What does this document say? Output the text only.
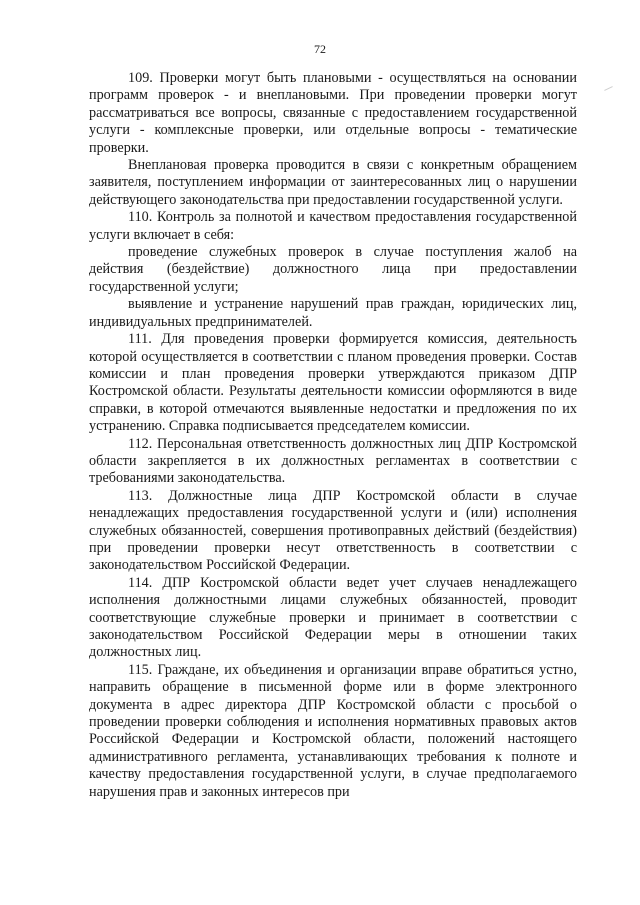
72

109. Проверки могут быть плановыми - осуществляться на основании программ проверок - и внеплановыми. При проведении проверки могут рассматриваться все вопросы, связанные с предоставлением государственной услуги - комплексные проверки, или отдельные вопросы - тематические проверки.

Внеплановая проверка проводится в связи с конкретным обращением заявителя, поступлением информации от заинтересованных лиц о нарушении действующего законодательства при предоставлении государственной услуги.

110. Контроль за полнотой и качеством предоставления государственной услуги включает в себя:

проведение служебных проверок в случае поступления жалоб на действия (бездействие) должностного лица при предоставлении государственной услуги;

выявление и устранение нарушений прав граждан, юридических лиц, индивидуальных предпринимателей.

111. Для проведения проверки формируется комиссия, деятельность которой осуществляется в соответствии с планом проведения проверки. Состав комиссии и план проведения проверки утверждаются приказом ДПР Костромской области. Результаты деятельности комиссии оформляются в виде справки, в которой отмечаются выявленные недостатки и предложения по их устранению. Справка подписывается председателем комиссии.

112. Персональная ответственность должностных лиц ДПР Костромской области закрепляется в их должностных регламентах в соответствии с требованиями законодательства.

113. Должностные лица ДПР Костромской области в случае ненадлежащих предоставления государственной услуги и (или) исполнения служебных обязанностей, совершения противоправных действий (бездействия) при проведении проверки несут ответственность в соответствии с законодательством Российской Федерации.

114. ДПР Костромской области ведет учет случаев ненадлежащего исполнения должностными лицами служебных обязанностей, проводит соответствующие служебные проверки и принимает в соответствии с законодательством Российской Федерации меры в отношении таких должностных лиц.

115. Граждане, их объединения и организации вправе обратиться устно, направить обращение в письменной форме или в форме электронного документа в адрес директора ДПР Костромской области с просьбой о проведении проверки соблюдения и исполнения нормативных правовых актов Российской Федерации и Костромской области, положений настоящего административного регламента, устанавливающих требования к полноте и качеству предоставления государственной услуги, в случае предполагаемого нарушения прав и законных интересов при
